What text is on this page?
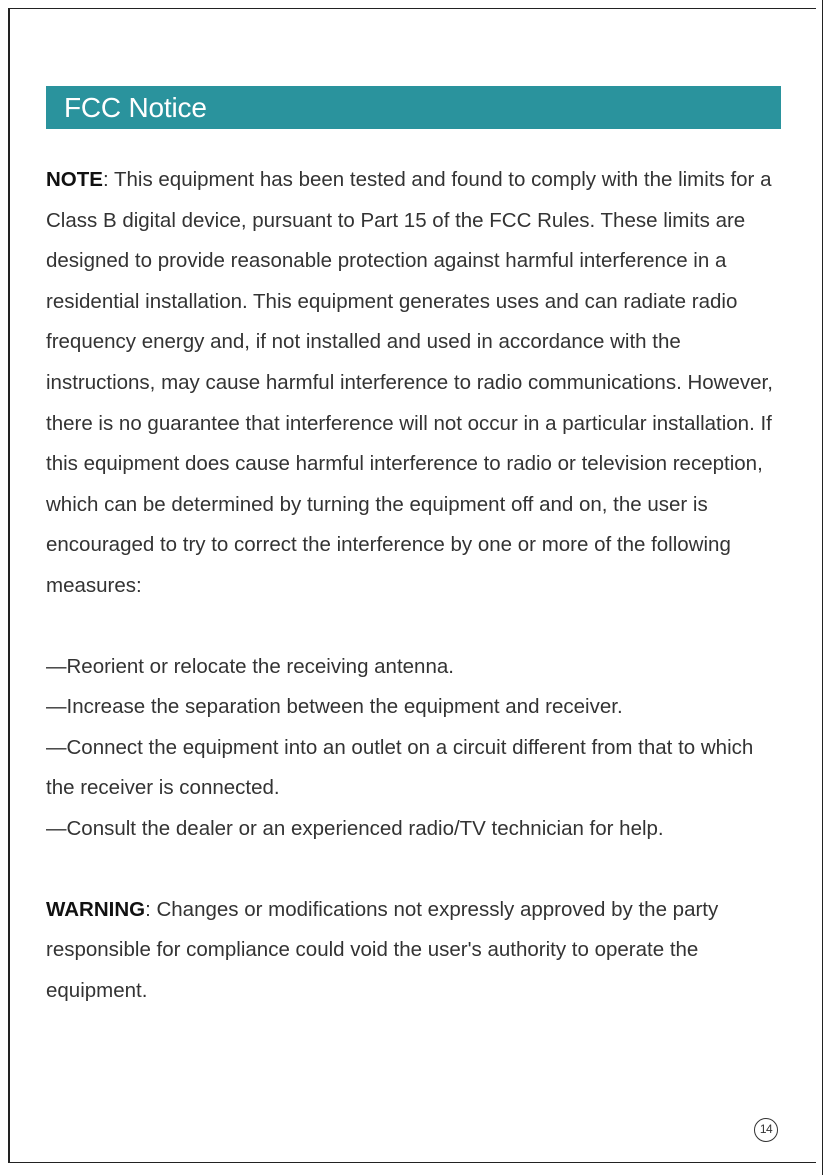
FCC Notice

NOTE: This equipment has been tested and found to comply with the limits for a Class B digital device, pursuant to Part 15 of the FCC Rules. These limits are designed to provide reasonable protection against harmful interference in a residential installation. This equipment generates uses and can radiate radio frequency energy and, if not installed and used in accordance with the instructions, may cause harmful interference to radio communications. However, there is no guarantee that interference will not occur in a particular installation. If this equipment does cause harmful interference to radio or television reception, which can be determined by turning the equipment off and on, the user is encouraged to try to correct the interference by one or more of the following measures:

—Reorient or relocate the receiving antenna.

—Increase the separation between the equipment and receiver.

—Connect the equipment into an outlet on a circuit different from that to which the receiver is connected.

—Consult the dealer or an experienced radio/TV technician for help.

WARNING: Changes or modifications not expressly approved by the party responsible for compliance could void the user's authority to operate the equipment.

14
